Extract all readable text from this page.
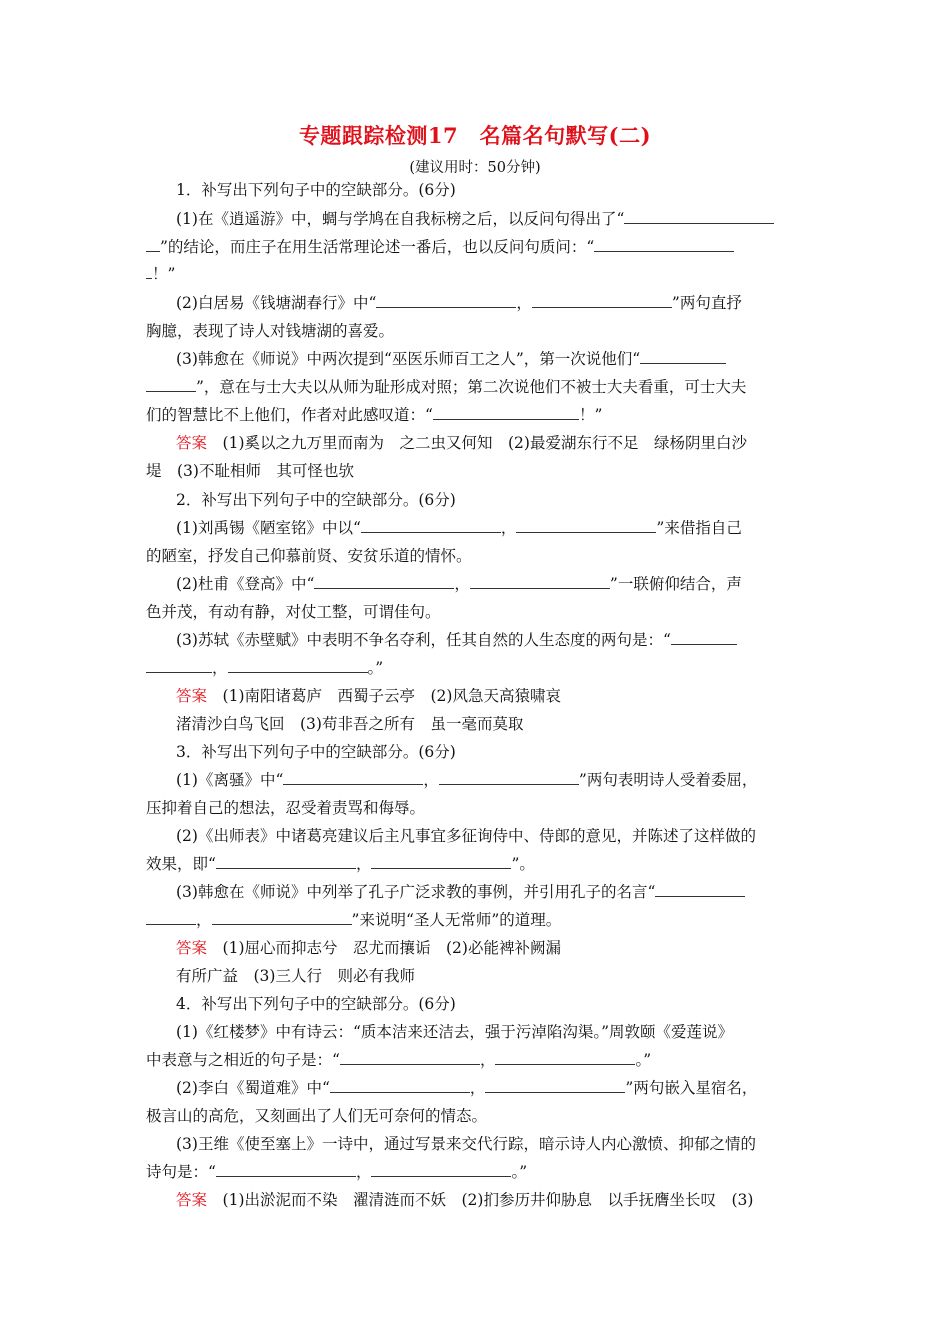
专题跟踪检测17　名篇名句默写(二)
(建议用时：50分钟)
1．补写出下列句子中的空缺部分。(6分)
(1)在《逍遥游》中，蜩与学鸠在自我标榜之后，以反问句得出了“
”的结论，而庄子在用生活常理论述一番后，也以反问句质问：“
！”
(2)白居易《钱塘湖春行》中“	，	”两句直抒
胸臆，表现了诗人对钱塘湖的喜爱。
(3)韩愈在《师说》中两次提到“巫医乐师百工之人”，第一次说他们“
”，意在与士大夫以从师为耻形成对照；第二次说他们不被士大夫看重，可士大夫
们的智慧比不上他们，作者对此感叹道：“	！”
答案　 (1)奚以之九万里而南为　之二虫又何知　(2)最爱湖东行不足　绿杨阴里白沙
堤　(3)不耻相师　其可怪也欤
2．补写出下列句子中的空缺部分。(6分)
(1)刘禹锡《陋室铭》中以“	，	”来借指自己
的陋室，抒发自己仰慕前贤、安贫乐道的情怀。
(2)杜甫《登高》中“	，	”一联俯仰结合，声
色并茂，有动有静，对仗工整，可谓佳句。
(3)苏轼《赤壁赋》中表明不争名夺利，任其自然的人生态度的两句是：“
，	。”
答案　 (1)南阳诸葛庐　西蜀子云亭　(2)风急天高猿啸哀
渚清沙白鸟飞回　(3)苟非吾之所有　虽一毫而莫取
3．补写出下列句子中的空缺部分。(6分)
(1)《离骚》中“	，	”两句表明诗人受着委屈，
压抑着自己的想法，忍受着责骂和侮辱。
(2)《出师表》中诸葛亮建议后主凡事宜多征询侍中、侍郎的意见，并陈述了这样做的
效果，即“	，	”。
(3)韩愈在《师说》中列举了孔子广泛求教的事例，并引用孔子的名言“
，	”来说明“圣人无常师”的道理。
答案　 (1)屈心而抑志兮　忍尤而攘诟　(2)必能裨补阙漏
有所广益　(3)三人行　则必有我师
4．补写出下列句子中的空缺部分。(6分)
(1)《红楼梦》中有诗云：“质本洁来还洁去，强于污淖陷沟渠。”周敦颐《爱莲说》
中表意与之相近的句子是：“	，	。”
(2)李白《蜀道难》中“	，	”两句嵌入星宿名，
极言山的高危，又刻画出了人们无可奈何的情态。
(3)王维《使至塞上》一诗中，通过写景来交代行踪，暗示诗人内心激愤、抑郁之情的
诗句是：“	，	。”
答案　 (1)出淤泥而不染　濯清涟而不妖　(2)扪参历井仰胁息　以手抚膺坐长叹　(3)
